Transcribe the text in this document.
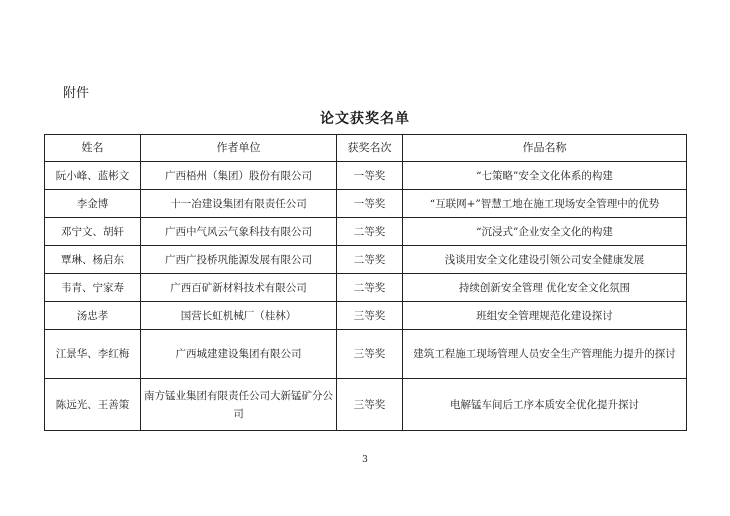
附件
论文获奖名单
姓名	作者单位	获奖名次	作品名称
阮小峰、蓝彬文	广西梧州（集团）股份有限公司	一等奖	“七策略”安全文化体系的构建
李金博	十一冶建设集团有限责任公司	一等奖	“互联网+”智慧工地在施工现场安全管理中的优势
邓宁文、胡轩	广西中气风云气象科技有限公司	二等奖	“沉浸式”企业安全文化的构建
覃琳、杨启东	广西广投桥巩能源发展有限公司	二等奖	浅谈用安全文化建设引领公司安全健康发展
韦青、宁家寿	广西百矿新材料技术有限公司	二等奖	持续创新安全管理 优化安全文化氛围
汤忠孝	国营长虹机械厂（桂林）	三等奖	班组安全管理规范化建设探讨
江景华、李红梅	广西城建建设集团有限公司	三等奖	建筑工程施工现场管理人员安全生产管理能力提升的探讨
陈远光、王善策	南方锰业集团有限责任公司大新锰矿分公司	三等奖	电解锰车间后工序本质安全优化提升探讨
3
